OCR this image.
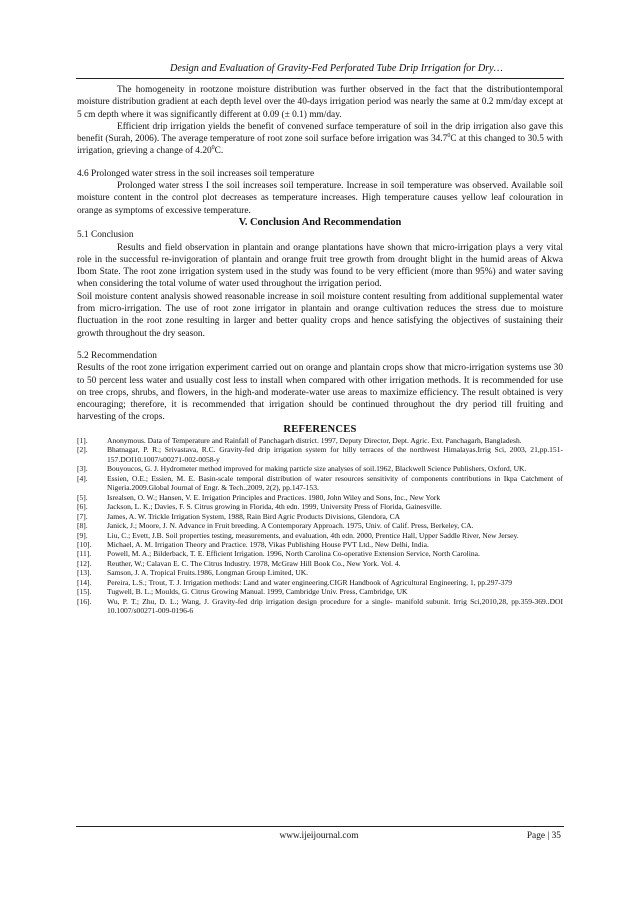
Design and Evaluation of Gravity-Fed Perforated Tube Drip Irrigation for Dry…

The homogeneity in rootzone moisture distribution was further observed in the fact that the distributiontemporal moisture distribution gradient at each depth level over the 40-days irrigation period was nearly the same at 0.2 mm/day except at 5 cm depth where it was significantly different at 0.09 (± 0.1) mm/day.

Efficient drip irrigation yields the benefit of convened surface temperature of soil in the drip irrigation also gave this benefit (Surah, 2006). The average temperature of root zone soil surface before irrigation was 34.7$^0$C at this changed to 30.5 with irrigation, grieving a change of 4.20$^0$C.

4.6 Prolonged water stress in the soil increases soil temperature

Prolonged water stress I the soil increases soil temperature. Increase in soil temperature was observed. Available soil moisture content in the control plot decreases as temperature increases. High temperature causes yellow leaf colouration in orange as symptoms of excessive temperature.

V. Conclusion And Recommendation

5.1 Conclusion

Results and field observation in plantain and orange plantations have shown that micro-irrigation plays a very vital role in the successful re-invigoration of plantain and orange fruit tree growth from drought blight in the humid areas of Akwa Ibom State. The root zone irrigation system used in the study was found to be very efficient (more than 95%) and water saving when considering the total volume of water used throughout the irrigation period.

Soil moisture content analysis showed reasonable increase in soil moisture content resulting from additional supplemental water from micro-irrigation. The use of root zone irrigator in plantain and orange cultivation reduces the stress due to moisture fluctuation in the root zone resulting in larger and better quality crops and hence satisfying the objectives of sustaining their growth throughout the dry season.

5.2 Recommendation

Results of the root zone irrigation experiment carried out on orange and plantain crops show that micro-irrigation systems use 30 to 50 percent less water and usually cost less to install when compared with other irrigation methods. It is recommended for use on tree crops, shrubs, and flowers, in the high-and moderate-water use areas to maximize efficiency. The result obtained is very encouraging; therefore, it is recommended that irrigation should be continued throughout the dry period till fruiting and harvesting of the crops.

REFERENCES

[1].	Anonymous. Data of Temperature and Rainfall of Panchagarh district. 1997, Deputy Director, Dept. Agric. Ext. Panchagarh, Bangladesh.
[2].	Bhatnagar, P. R.; Srivastava, R.C. Gravity-fed drip irrigation system for hilly terraces of the northwest Himalayas.Irrig Sci, 2003, 21,pp.151-157.DOI10.1007/s00271-002-0058-y
[3].	Bouyoucos, G. J. Hydrometer method improved for making particle size analyses of soil.1962, Blackwell Science Publishers, Oxford, UK.
[4].	Essien, O.E.; Essien, M. E. Basin-scale temporal distribution of water resources sensitivity of components contributions in Ikpa Catchment of Nigeria.2009.Global Journal of Engr. & Tech.,2009, 2(2), pp.147-153.
[5].	Isrealsen, O. W.; Hansen, V. E. Irrigation Principles and Practices. 1980, John Wiley and Sons, Inc., New York
[6].	Jackson, L. K.; Davies, F. S. Citrus growing in Florida, 4th edn. 1999, University Press of Florida, Gainesville.
[7].	James, A. W. Trickle Irrigation System, 1988, Rain Bird Agric Products Divisions, Glendora, CA
[8].	Janick, J.; Moore, J. N. Advance in Fruit breeding. A Contemporary Approach. 1975, Univ. of Calif. Press, Berkeley, CA.
[9].	Liu, C.; Evett, J.B. Soil properties testing, measurements, and evaluation, 4th edn. 2000, Prentice Hall, Upper Saddle River, New Jersey.
[10].	Michael, A. M. Irrigation Theory and Practice. 1978, Vikas Publishing House PVT Ltd., New Delhi, India.
[11].	Powell, M. A.; Bilderback, T. E. Efficient Irrigation. 1996, North Carolina Co-operative Extension Service, North Carolina.
[12].	Reuther, W.; Calavan E. C. The Citrus Industry. 1978, McGraw Hill Book Co., New York. Vol. 4.
[13].	Samson, J. A. Tropical Fruits.1986, Longman Group Limited, UK.
[14].	Pereira, L.S.; Trout, T. J. Irrigation methods: Land and water engineering.CIGR Handbook of Agricultural Engineering, 1, pp.297-379
[15].	Tugwell, B. L.; Moulds, G. Citrus Growing Manual. 1999, Cambridge Univ. Press, Cambridge, UK
[16].	Wu, P. T.; Zhu, D. L.; Wang, J. Gravity-fed drip irrigation design procedure for a single- manifold subunit. Irrig Sci,2010,28, pp.359-369..DOI 10.1007/s00271-009-0196-6
www.ijeijournal.com	Page | 35
